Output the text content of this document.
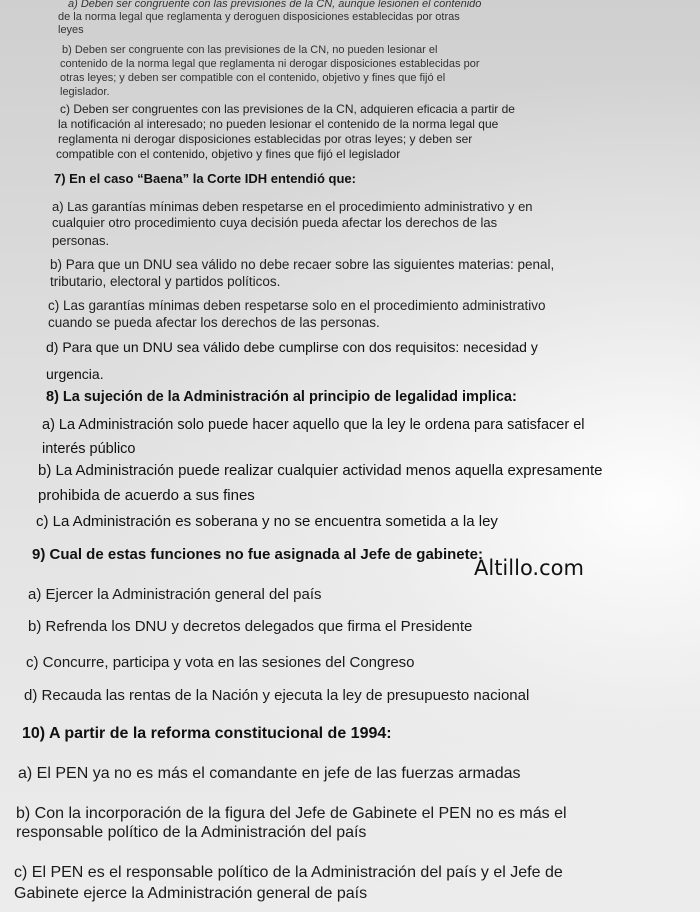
a) Deben ser congruente con las previsiones de la CN, aunque lesionen el contenido
de la norma legal que reglamenta y deroguen disposiciones establecidas por otras
leyes
b) Deben ser congruente con las previsiones de la CN, no pueden lesionar el
contenido de la norma legal que reglamenta ni derogar disposiciones establecidas por
otras leyes; y deben ser compatible con el contenido, objetivo y fines que fijó el
legislador.
c) Deben ser congruentes con las previsiones de la CN, adquieren eficacia a partir de
la notificación al interesado; no pueden lesionar el contenido de la norma legal que
reglamenta ni derogar disposiciones establecidas por otras leyes; y deben ser
compatible con el contenido, objetivo y fines que fijó el legislador
7) En el caso “Baena” la Corte IDH entendió que:
a) Las garantías mínimas deben respetarse en el procedimiento administrativo y en
cualquier otro procedimiento cuya decisión pueda afectar los derechos de las
personas.
b) Para que un DNU sea válido no debe recaer sobre las siguientes materias: penal,
tributario, electoral y partidos políticos.
c) Las garantías mínimas deben respetarse solo en el procedimiento administrativo
cuando se pueda afectar los derechos de las personas.
d) Para que un DNU sea válido debe cumplirse con dos requisitos: necesidad y
urgencia.
8) La sujeción de la Administración al principio de legalidad implica:
a) La Administración solo puede hacer aquello que la ley le ordena para satisfacer el
interés público
b) La Administración puede realizar cualquier actividad menos aquella expresamente
prohibida de acuerdo a sus fines
c) La Administración es soberana y no se encuentra sometida a la ley
9) Cual de estas funciones no fue asignada al Jefe de gabinete:
a) Ejercer la Administración general del país
b) Refrenda los DNU y decretos delegados que firma el Presidente
c) Concurre, participa y vota en las sesiones del Congreso
d) Recauda las rentas de la Nación y ejecuta la ley de presupuesto nacional
10) A partir de la reforma constitucional de 1994:
a) El PEN ya no es más el comandante en jefe de las fuerzas armadas
b) Con la incorporación de la figura del Jefe de Gabinete el PEN no es más el
responsable político de la Administración del país
c) El PEN es el responsable político de la Administración del país y el Jefe de
Gabinete ejerce la Administración general de país
Altillo.com
